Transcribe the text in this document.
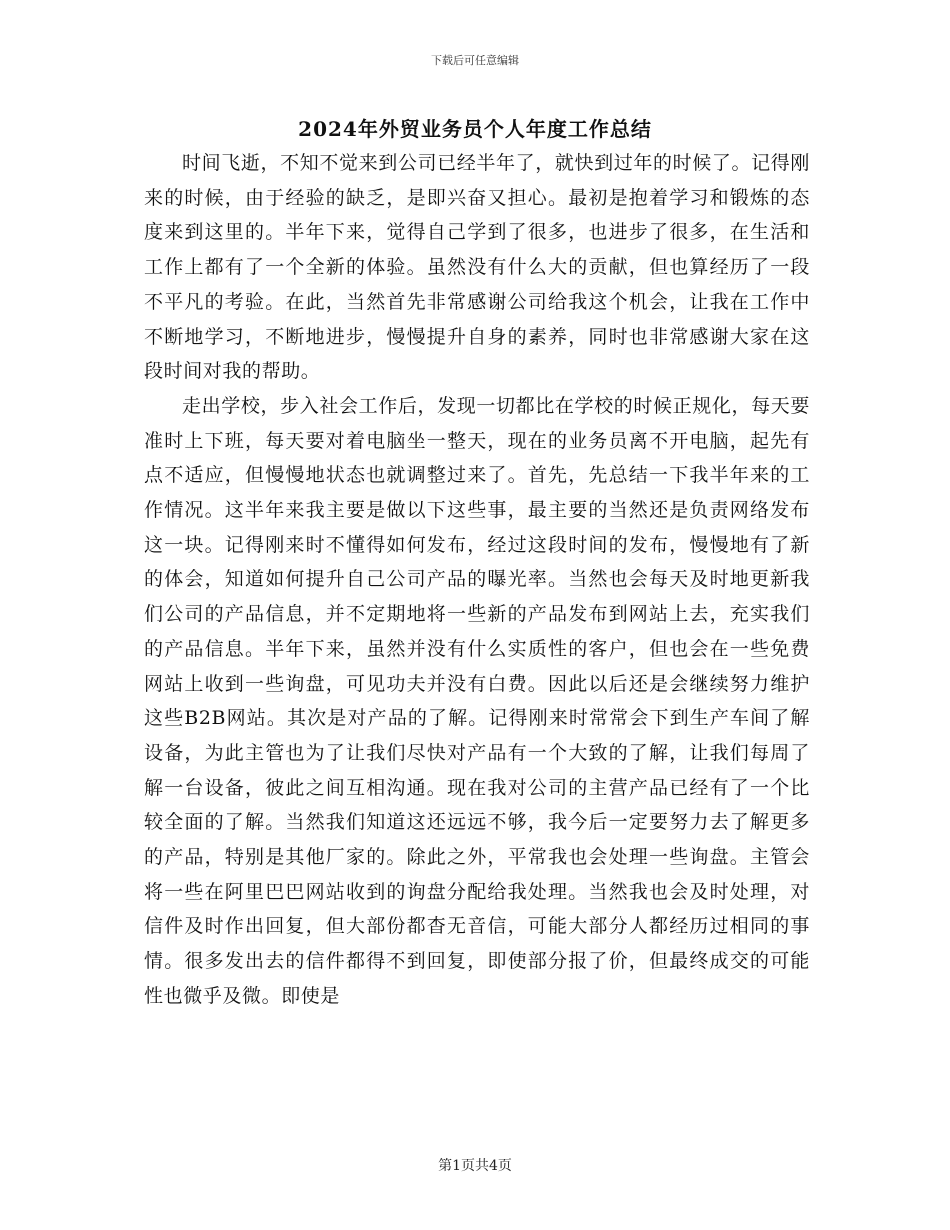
下载后可任意编辑
2024年外贸业务员个人年度工作总结

时间飞逝，不知不觉来到公司已经半年了，就快到过年的时候了。记得刚来的时候，由于经验的缺乏，是即兴奋又担心。最初是抱着学习和锻炼的态度来到这里的。半年下来，觉得自己学到了很多，也进步了很多，在生活和工作上都有了一个全新的体验。虽然没有什么大的贡献，但也算经历了一段不平凡的考验。在此，当然首先非常感谢公司给我这个机会，让我在工作中不断地学习，不断地进步，慢慢提升自身的素养，同时也非常感谢大家在这段时间对我的帮助。

走出学校，步入社会工作后，发现一切都比在学校的时候正规化，每天要准时上下班，每天要对着电脑坐一整天，现在的业务员离不开电脑，起先有点不适应，但慢慢地状态也就调整过来了。首先，先总结一下我半年来的工作情况。这半年来我主要是做以下这些事，最主要的当然还是负责网络发布这一块。记得刚来时不懂得如何发布，经过这段时间的发布，慢慢地有了新的体会，知道如何提升自己公司产品的曝光率。当然也会每天及时地更新我们公司的产品信息，并不定期地将一些新的产品发布到网站上去，充实我们的产品信息。半年下来，虽然并没有什么实质性的客户，但也会在一些免费网站上收到一些询盘，可见功夫并没有白费。因此以后还是会继续努力维护这些B2B网站。其次是对产品的了解。记得刚来时常常会下到生产车间了解设备，为此主管也为了让我们尽快对产品有一个大致的了解，让我们每周了解一台设备，彼此之间互相沟通。现在我对公司的主营产品已经有了一个比较全面的了解。当然我们知道这还远远不够，我今后一定要努力去了解更多的产品，特别是其他厂家的。除此之外，平常我也会处理一些询盘。主管会将一些在阿里巴巴网站收到的询盘分配给我处理。当然我也会及时处理，对信件及时作出回复，但大部份都杳无音信，可能大部分人都经历过相同的事情。很多发出去的信件都得不到回复，即使部分报了价，但最终成交的可能性也微乎及微。即使是

第1页共4页
